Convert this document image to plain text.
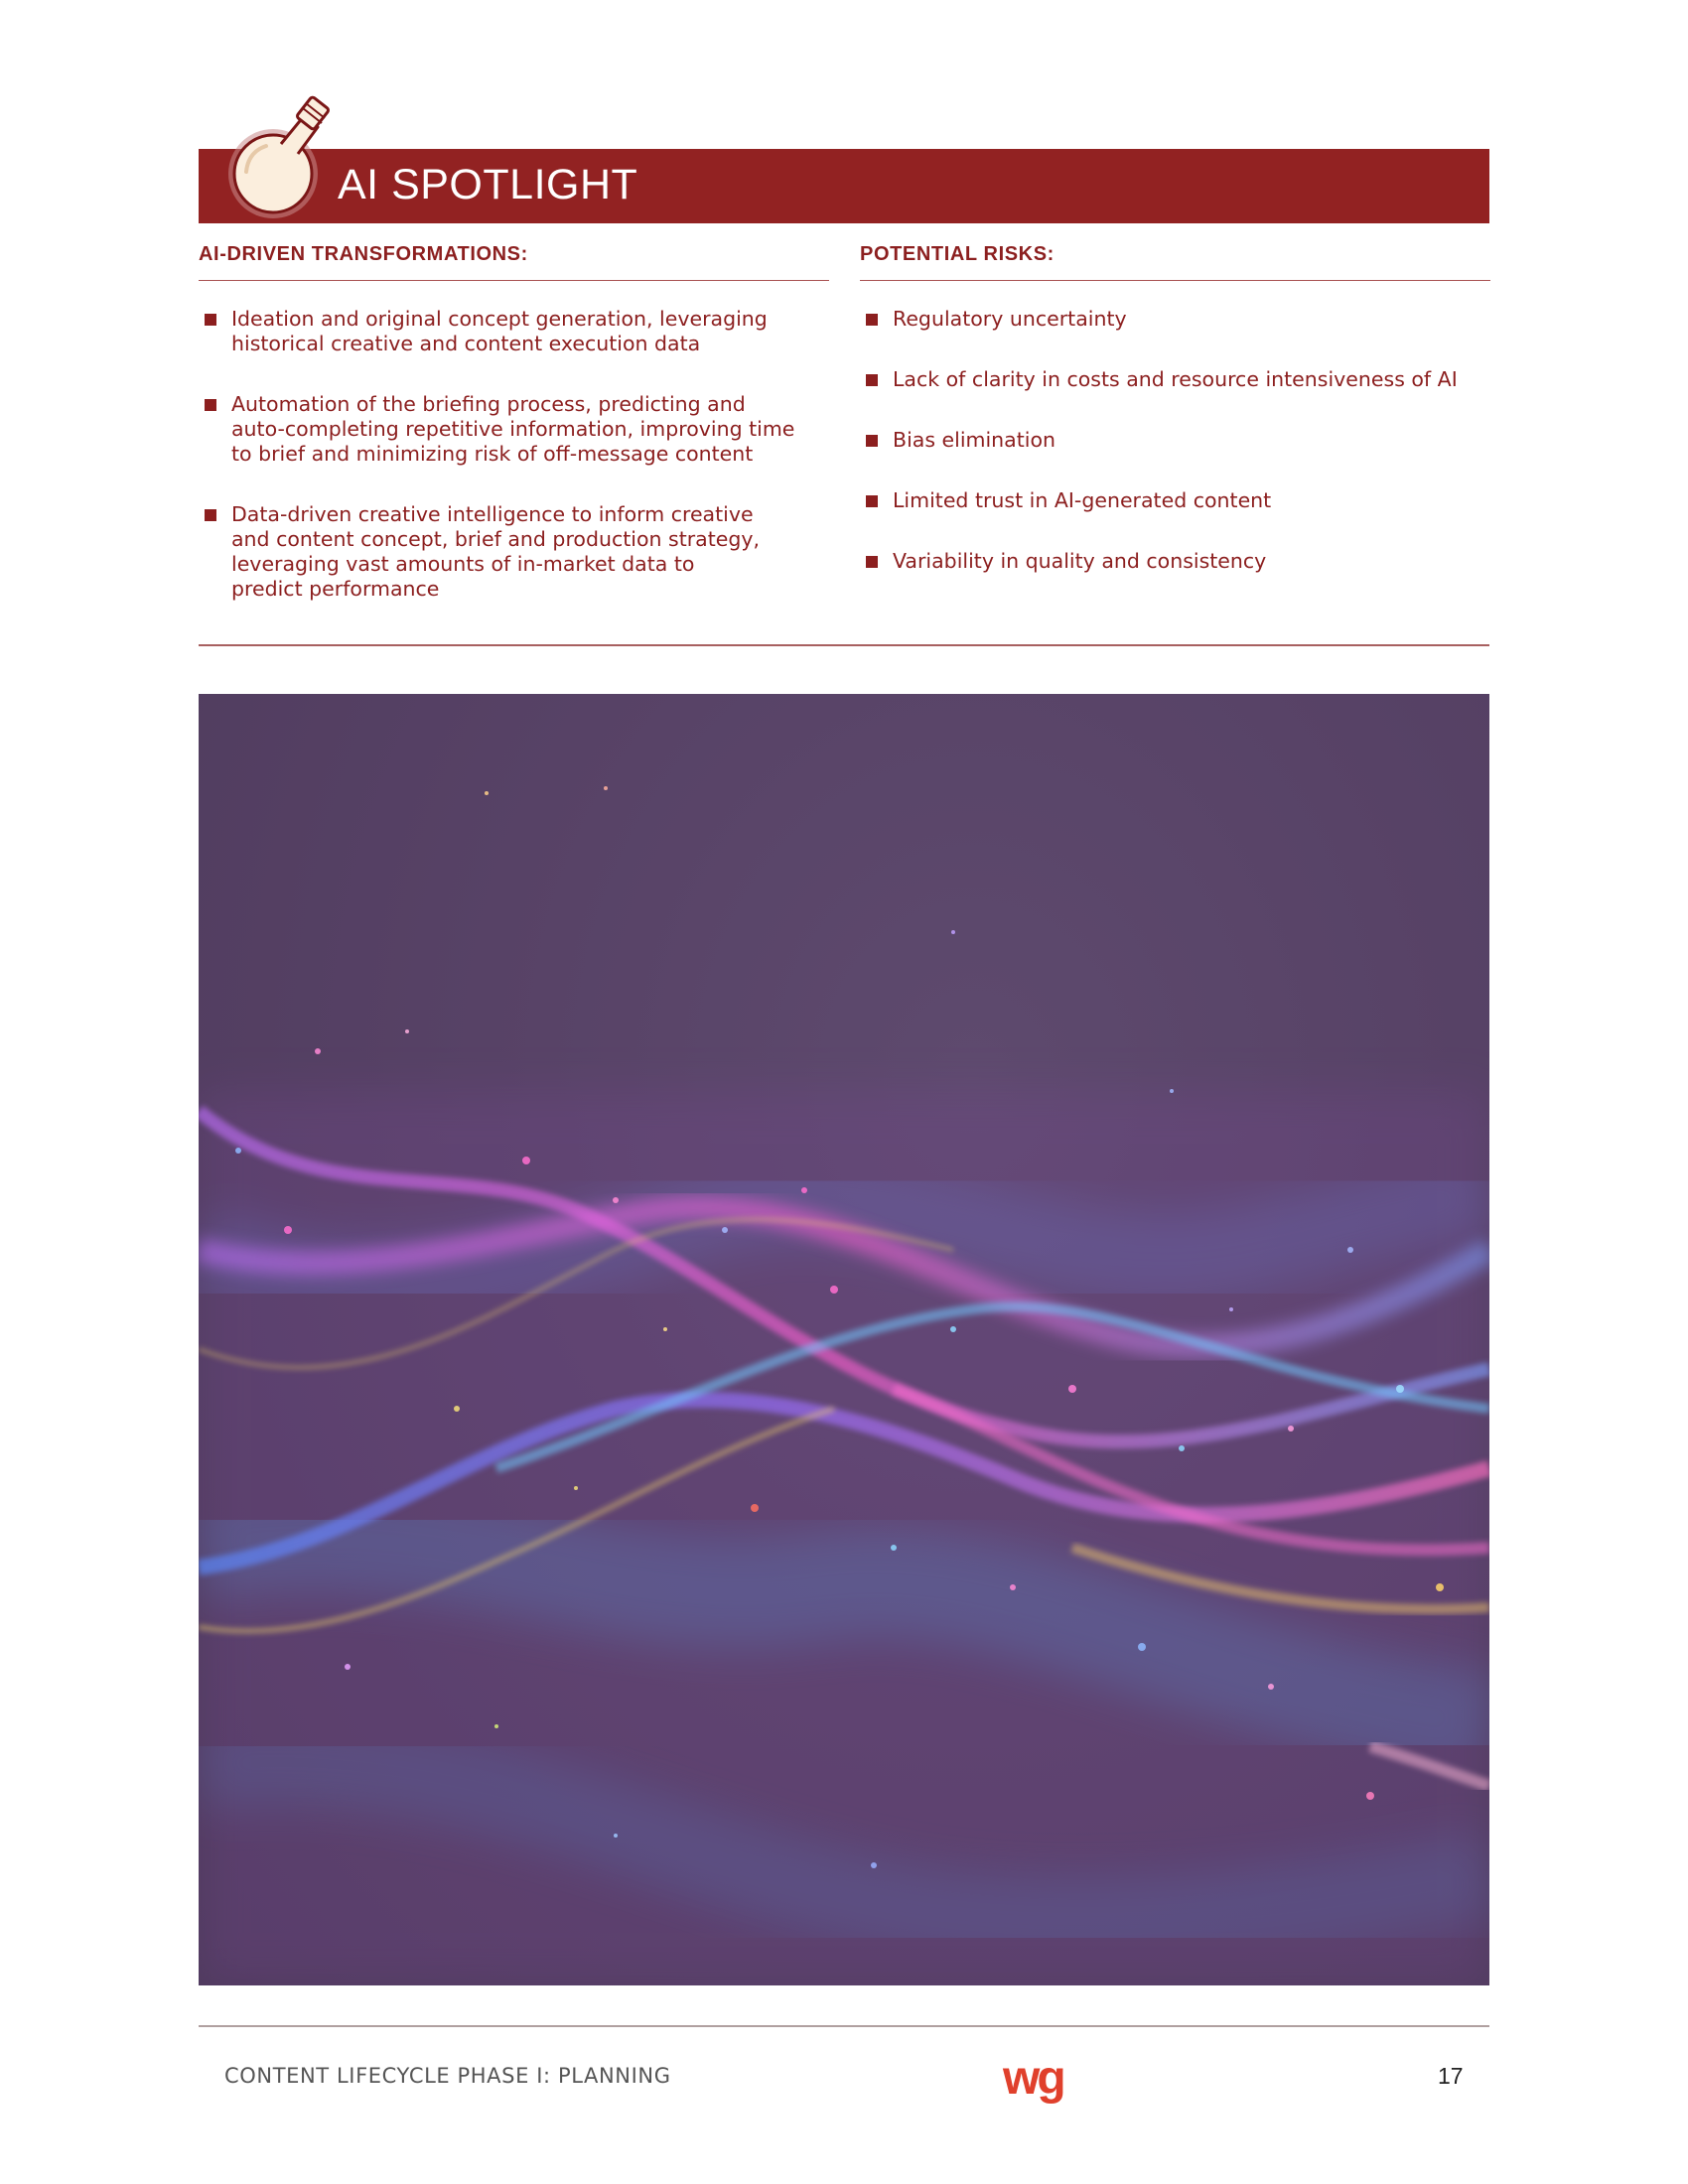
AI SPOTLIGHT
AI-DRIVEN TRANSFORMATIONS:
Ideation and original concept generation, leveraging
historical creative and content execution data
Automation of the briefing process, predicting and
auto-completing repetitive information, improving time
to brief and minimizing risk of off-message content
Data-driven creative intelligence to inform creative
and content concept, brief and production strategy,
leveraging vast amounts of in-market data to
predict performance
POTENTIAL RISKS:
Regulatory uncertainty
Lack of clarity in costs and resource intensiveness of AI
Bias elimination
Limited trust in AI-generated content
Variability in quality and consistency
CONTENT LIFECYCLE PHASE I: PLANNING	wg	17
